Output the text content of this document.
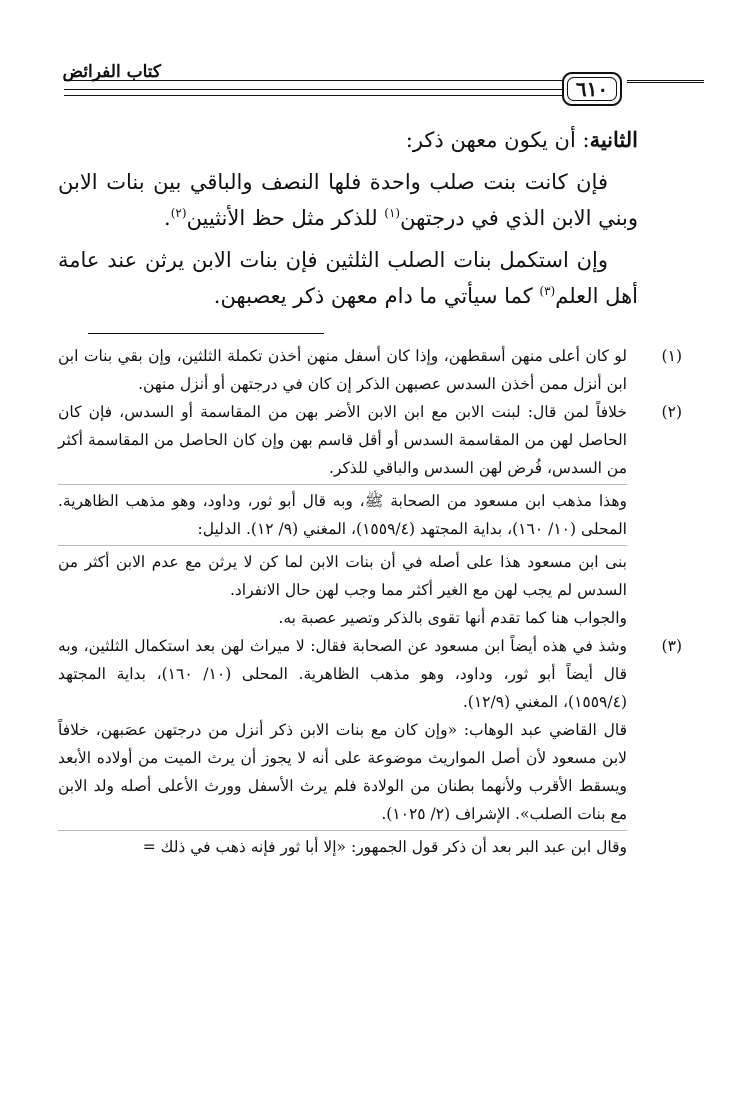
كتاب الفرائض
٦١٠

الثانية: أن يكون معهن ذكر:

فإن كانت بنت صلب واحدة فلها النصف والباقي بين بنات الابن وبني الابن الذي في درجتهن$^{(١)}$ للذكر مثل حظ الأنثيين$^{(٢)}$.

وإن استكمل بنات الصلب الثلثين فإن بنات الابن يرثن عند عامة أهل العلم$^{(٣)}$ كما سيأتي ما دام معهن ذكر يعصبهن.

(١)

لو كان أعلى منهن أسقطهن، وإذا كان أسفل منهن أخذن تكملة الثلثين، وإن بقي بنات ابن ابن أنزل ممن أخذن السدس عصبهن الذكر إن كان في درجتهن أو أنزل منهن.

(٢)

خلافاً لمن قال: لبنت الابن مع ابن الابن الأضر بهن من المقاسمة أو السدس، فإن كان الحاصل لهن من المقاسمة السدس أو أقل قاسم بهن وإن كان الحاصل من المقاسمة أكثر من السدس، فُرض لهن السدس والباقي للذكر.

وهذا مذهب ابن مسعود من الصحابة ﷺ، وبه قال أبو ثور، وداود، وهو مذهب الظاهرية. المحلى (١٠/ ١٦٠)، بداية المجتهد (١٥٥٩/٤)، المغني (٩/ ١٢). الدليل:

بنى ابن مسعود هذا على أصله في أن بنات الابن لما كن لا يرثن مع عدم الابن أكثر من السدس لم يجب لهن مع الغير أكثر مما وجب لهن حال الانفراد.

والجواب هنا كما تقدم أنها تقوى بالذكر وتصير عصبة به.

(٣)

وشذ في هذه أيضاً ابن مسعود عن الصحابة فقال: لا ميراث لهن بعد استكمال الثلثين، وبه قال أيضاً أبو ثور، وداود، وهو مذهب الظاهرية. المحلى (١٠/ ١٦٠)، بداية المجتهد (١٥٥٩/٤)، المغني (١٢/٩).

قال القاضي عبد الوهاب: «وإن كان مع بنات الابن ذكر أنزل من درجتهن عصَبهن، خلافاً لابن مسعود لأن أصل المواريث موضوعة على أنه لا يجوز أن يرث الميت من أولاده الأبعد ويسقط الأقرب ولأنهما بطنان من الولادة فلم يرث الأسفل وورث الأعلى أصله ولد الابن مع بنات الصلب». الإشراف (٢/ ١٠٢٥).

وقال ابن عبد البر بعد أن ذكر قول الجمهور: «إلا أبا ثور فإنه ذهب في ذلك =
